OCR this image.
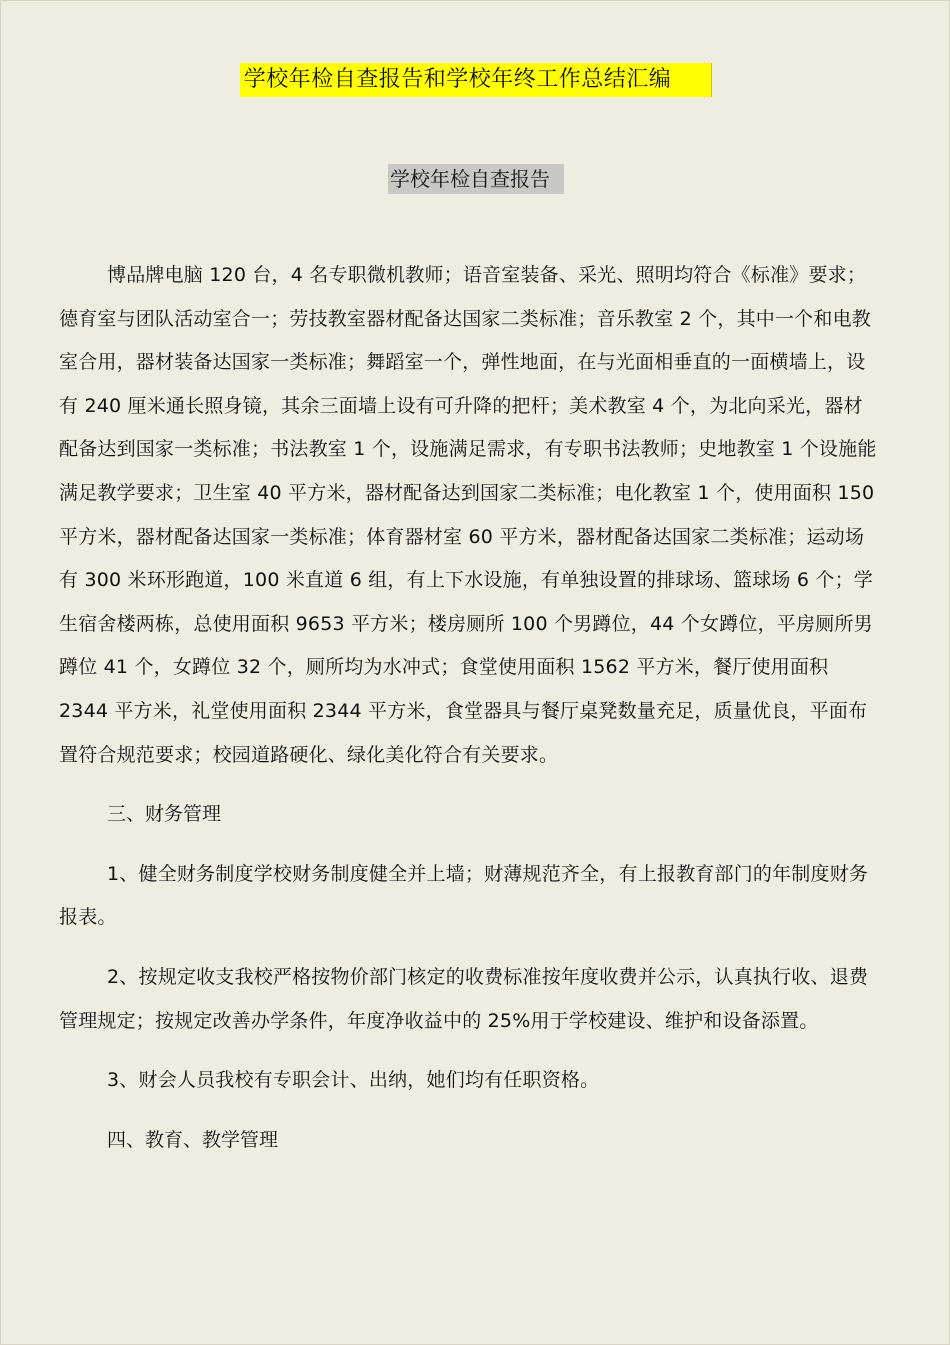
学校年检自查报告和学校年终工作总结汇编
学校年检自查报告

博品牌电脑 120 台，4 名专职微机教师；语音室装备、采光、照明均符合《标准》要求；德育室与团队活动室合一；劳技教室器材配备达国家二类标准；音乐教室 2 个，其中一个和电教室合用，器材装备达国家一类标准；舞蹈室一个，弹性地面，在与光面相垂直的一面横墙上，设有 240 厘米通长照身镜，其余三面墙上设有可升降的把杆；美术教室 4 个，为北向采光，器材配备达到国家一类标准；书法教室 1 个，设施满足需求，有专职书法教师；史地教室 1 个设施能满足教学要求；卫生室 40 平方米，器材配备达到国家二类标准；电化教室 1 个，使用面积 150 平方米，器材配备达国家一类标准；体育器材室 60 平方米，器材配备达国家二类标准；运动场有 300 米环形跑道，100 米直道 6 组，有上下水设施，有单独设置的排球场、篮球场 6 个；学生宿舍楼两栋，总使用面积 9653 平方米；楼房厕所 100 个男蹲位，44 个女蹲位，平房厕所男蹲位 41 个，女蹲位 32 个，厕所均为水冲式；食堂使用面积 1562 平方米，餐厅使用面积 2344 平方米，礼堂使用面积 2344 平方米，食堂器具与餐厅桌凳数量充足，质量优良，平面布置符合规范要求；校园道路硬化、绿化美化符合有关要求。

三、财务管理

1、健全财务制度学校财务制度健全并上墙；财薄规范齐全，有上报教育部门的年制度财务报表。

2、按规定收支我校严格按物价部门核定的收费标准按年度收费并公示，认真执行收、退费管理规定；按规定改善办学条件，年度净收益中的 25%用于学校建设、维护和设备添置。

3、财会人员我校有专职会计、出纳，她们均有任职资格。

四、教育、教学管理
